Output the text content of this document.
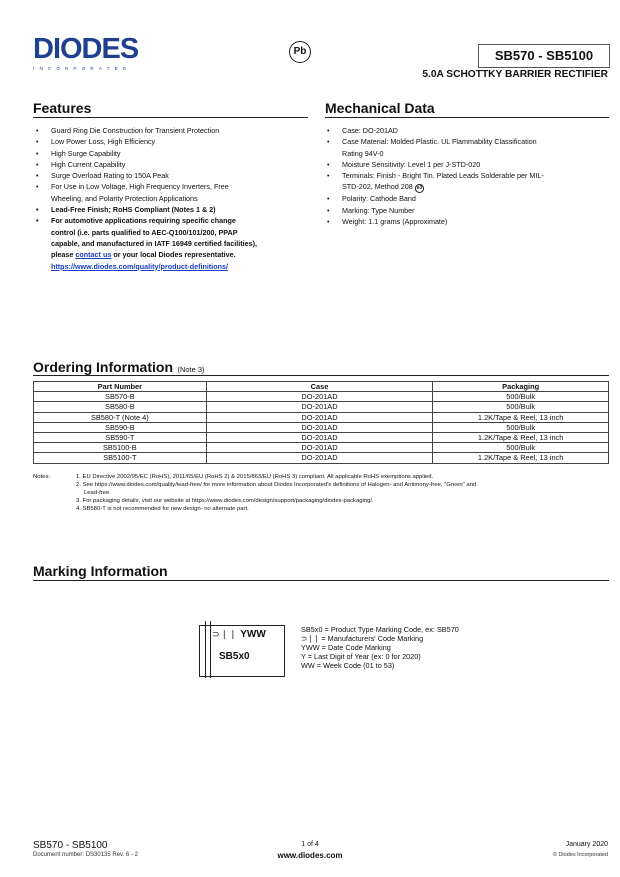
DIODES
INCORPORATED
Pb	SB570 - SB5100
5.0A SCHOTTKY BARRIER RECTIFIER
Features
• Guard Ring Die Construction for Transient Protection
• Low Power Loss, High Efficiency
• High Surge Capability
• High Current Capability
• Surge Overload Rating to 150A Peak
• For Use in Low Voltage, High Frequency Inverters, Free
Wheeling, and Polarity Protection Applications
• Lead-Free Finish; RoHS Compliant (Notes 1 & 2)
• For automotive applications requiring specific change
control (i.e. parts qualified to AEC-Q100/101/200, PPAP
capable, and manufactured in IATF 16949 certified facilities),
please contact us or your local Diodes representative.
https://www.diodes.com/quality/product-definitions/
Mechanical Data
• Case: DO-201AD
• Case Material: Molded Plastic. UL Flammability Classification
Rating 94V-0
• Moisture Sensitivity: Level 1 per J-STD-020
• Terminals: Finish - Bright Tin. Plated Leads Solderable per MIL-
STD-202, Method 208 e3
• Polarity: Cathode Band
• Marking: Type Number
• Weight: 1.1 grams (Approximate)
Ordering Information (Note 3)
Part Number	Case	Packaging
SB570-B	DO-201AD	500/Bulk
SB580-B	DO-201AD	500/Bulk
SB580-T (Note 4)	DO-201AD	1.2K/Tape & Reel, 13 inch
SB590-B	DO-201AD	500/Bulk
SB590-T	DO-201AD	1.2K/Tape & Reel, 13 inch
SB5100-B	DO-201AD	500/Bulk
SB5100-T	DO-201AD	1.2K/Tape & Reel, 13 inch
Notes:	1. EU Directive 2002/95/EC (RoHS), 2011/65/EU (RoHS 2) & 2015/863/EU (RoHS 3) compliant. All applicable RoHS exemptions applied.
2. See https://www.diodes.com/quality/lead-free/ for more information about Diodes Incorporated's definitions of Halogen- and Antimony-free, "Green" and
Lead-free.
3. For packaging details, visit our website at https://www.diodes.com/design/support/packaging/diodes-packaging/.
4. SB580-T is not recommended for new design- no alternate part.
Marking Information
⊃❘❘ YWW
SB5x0
SB5x0 = Product Type Marking Code, ex: SB570
⊃❘❘ = Manufacturers' Code Marking
YWW = Date Code Marking
Y = Last Digit of Year (ex: 0 for 2020)
WW = Week Code (01 to 53)
SB570 - SB5100
Document number: DS30135 Rev. 6 - 2
1 of 4
www.diodes.com
January 2020
© Diodes Incorporated
